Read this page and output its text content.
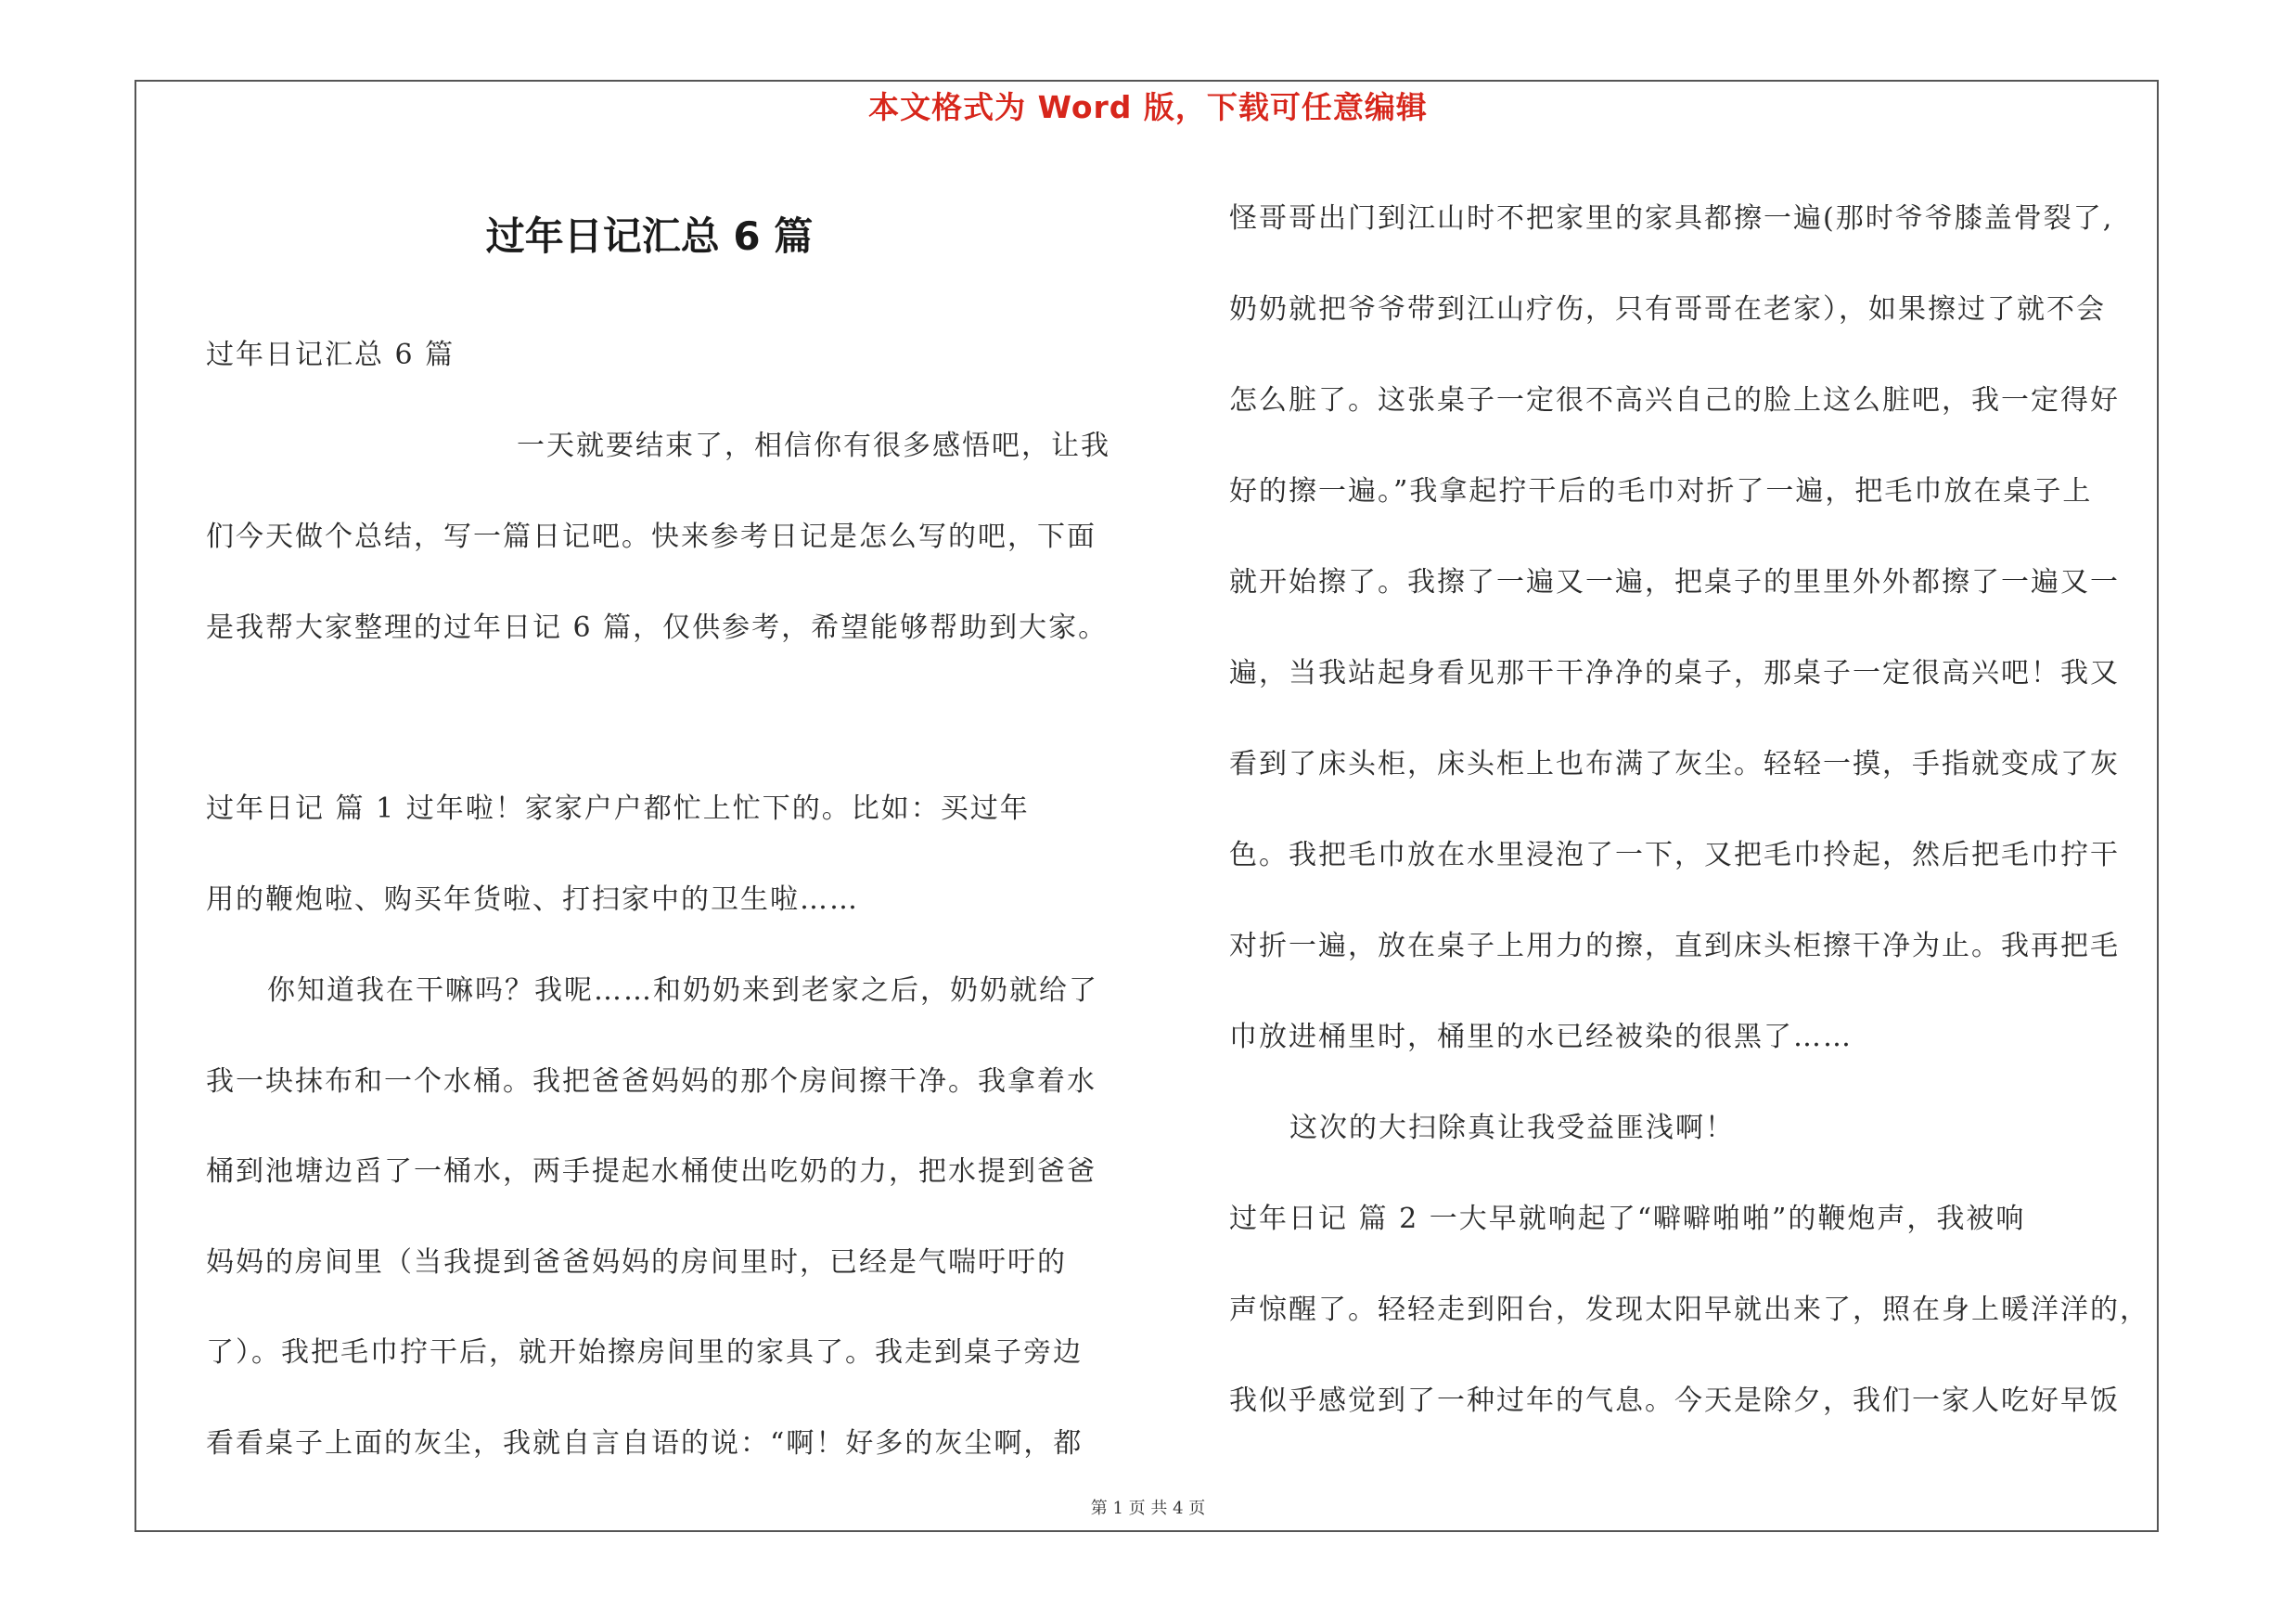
本文格式为 Word 版，下载可任意编辑
过年日记汇总 6 篇
过年日记汇总 6 篇
一天就要结束了，相信你有很多感悟吧，让我
们今天做个总结，写一篇日记吧。快来参考日记是怎么写的吧，下面
是我帮大家整理的过年日记 6 篇，仅供参考，希望能够帮助到大家。
过年日记 篇 1 过年啦！家家户户都忙上忙下的。比如：买过年
用的鞭炮啦、购买年货啦、打扫家中的卫生啦……
你知道我在干嘛吗？我呢……和奶奶来到老家之后，奶奶就给了
我一块抹布和一个水桶。我把爸爸妈妈的那个房间擦干净。我拿着水
桶到池塘边舀了一桶水，两手提起水桶使出吃奶的力，把水提到爸爸
妈妈的房间里（当我提到爸爸妈妈的房间里时，已经是气喘吁吁的
了）。我把毛巾拧干后，就开始擦房间里的家具了。我走到桌子旁边
看看桌子上面的灰尘，我就自言自语的说：“啊！好多的灰尘啊，都
怪哥哥出门到江山时不把家里的家具都擦一遍(那时爷爷膝盖骨裂了,
奶奶就把爷爷带到江山疗伤，只有哥哥在老家），如果擦过了就不会
怎么脏了。这张桌子一定很不高兴自己的脸上这么脏吧，我一定得好
好的擦一遍。”我拿起拧干后的毛巾对折了一遍，把毛巾放在桌子上
就开始擦了。我擦了一遍又一遍，把桌子的里里外外都擦了一遍又一
遍，当我站起身看见那干干净净的桌子，那桌子一定很高兴吧！我又
看到了床头柜，床头柜上也布满了灰尘。轻轻一摸，手指就变成了灰
色。我把毛巾放在水里浸泡了一下，又把毛巾拎起，然后把毛巾拧干
对折一遍，放在桌子上用力的擦，直到床头柜擦干净为止。我再把毛
巾放进桶里时，桶里的水已经被染的很黑了……
这次的大扫除真让我受益匪浅啊！
过年日记 篇 2 一大早就响起了“噼噼啪啪”的鞭炮声，我被响
声惊醒了。轻轻走到阳台，发现太阳早就出来了，照在身上暖洋洋的，
我似乎感觉到了一种过年的气息。今天是除夕，我们一家人吃好早饭
第 1 页 共 4 页
